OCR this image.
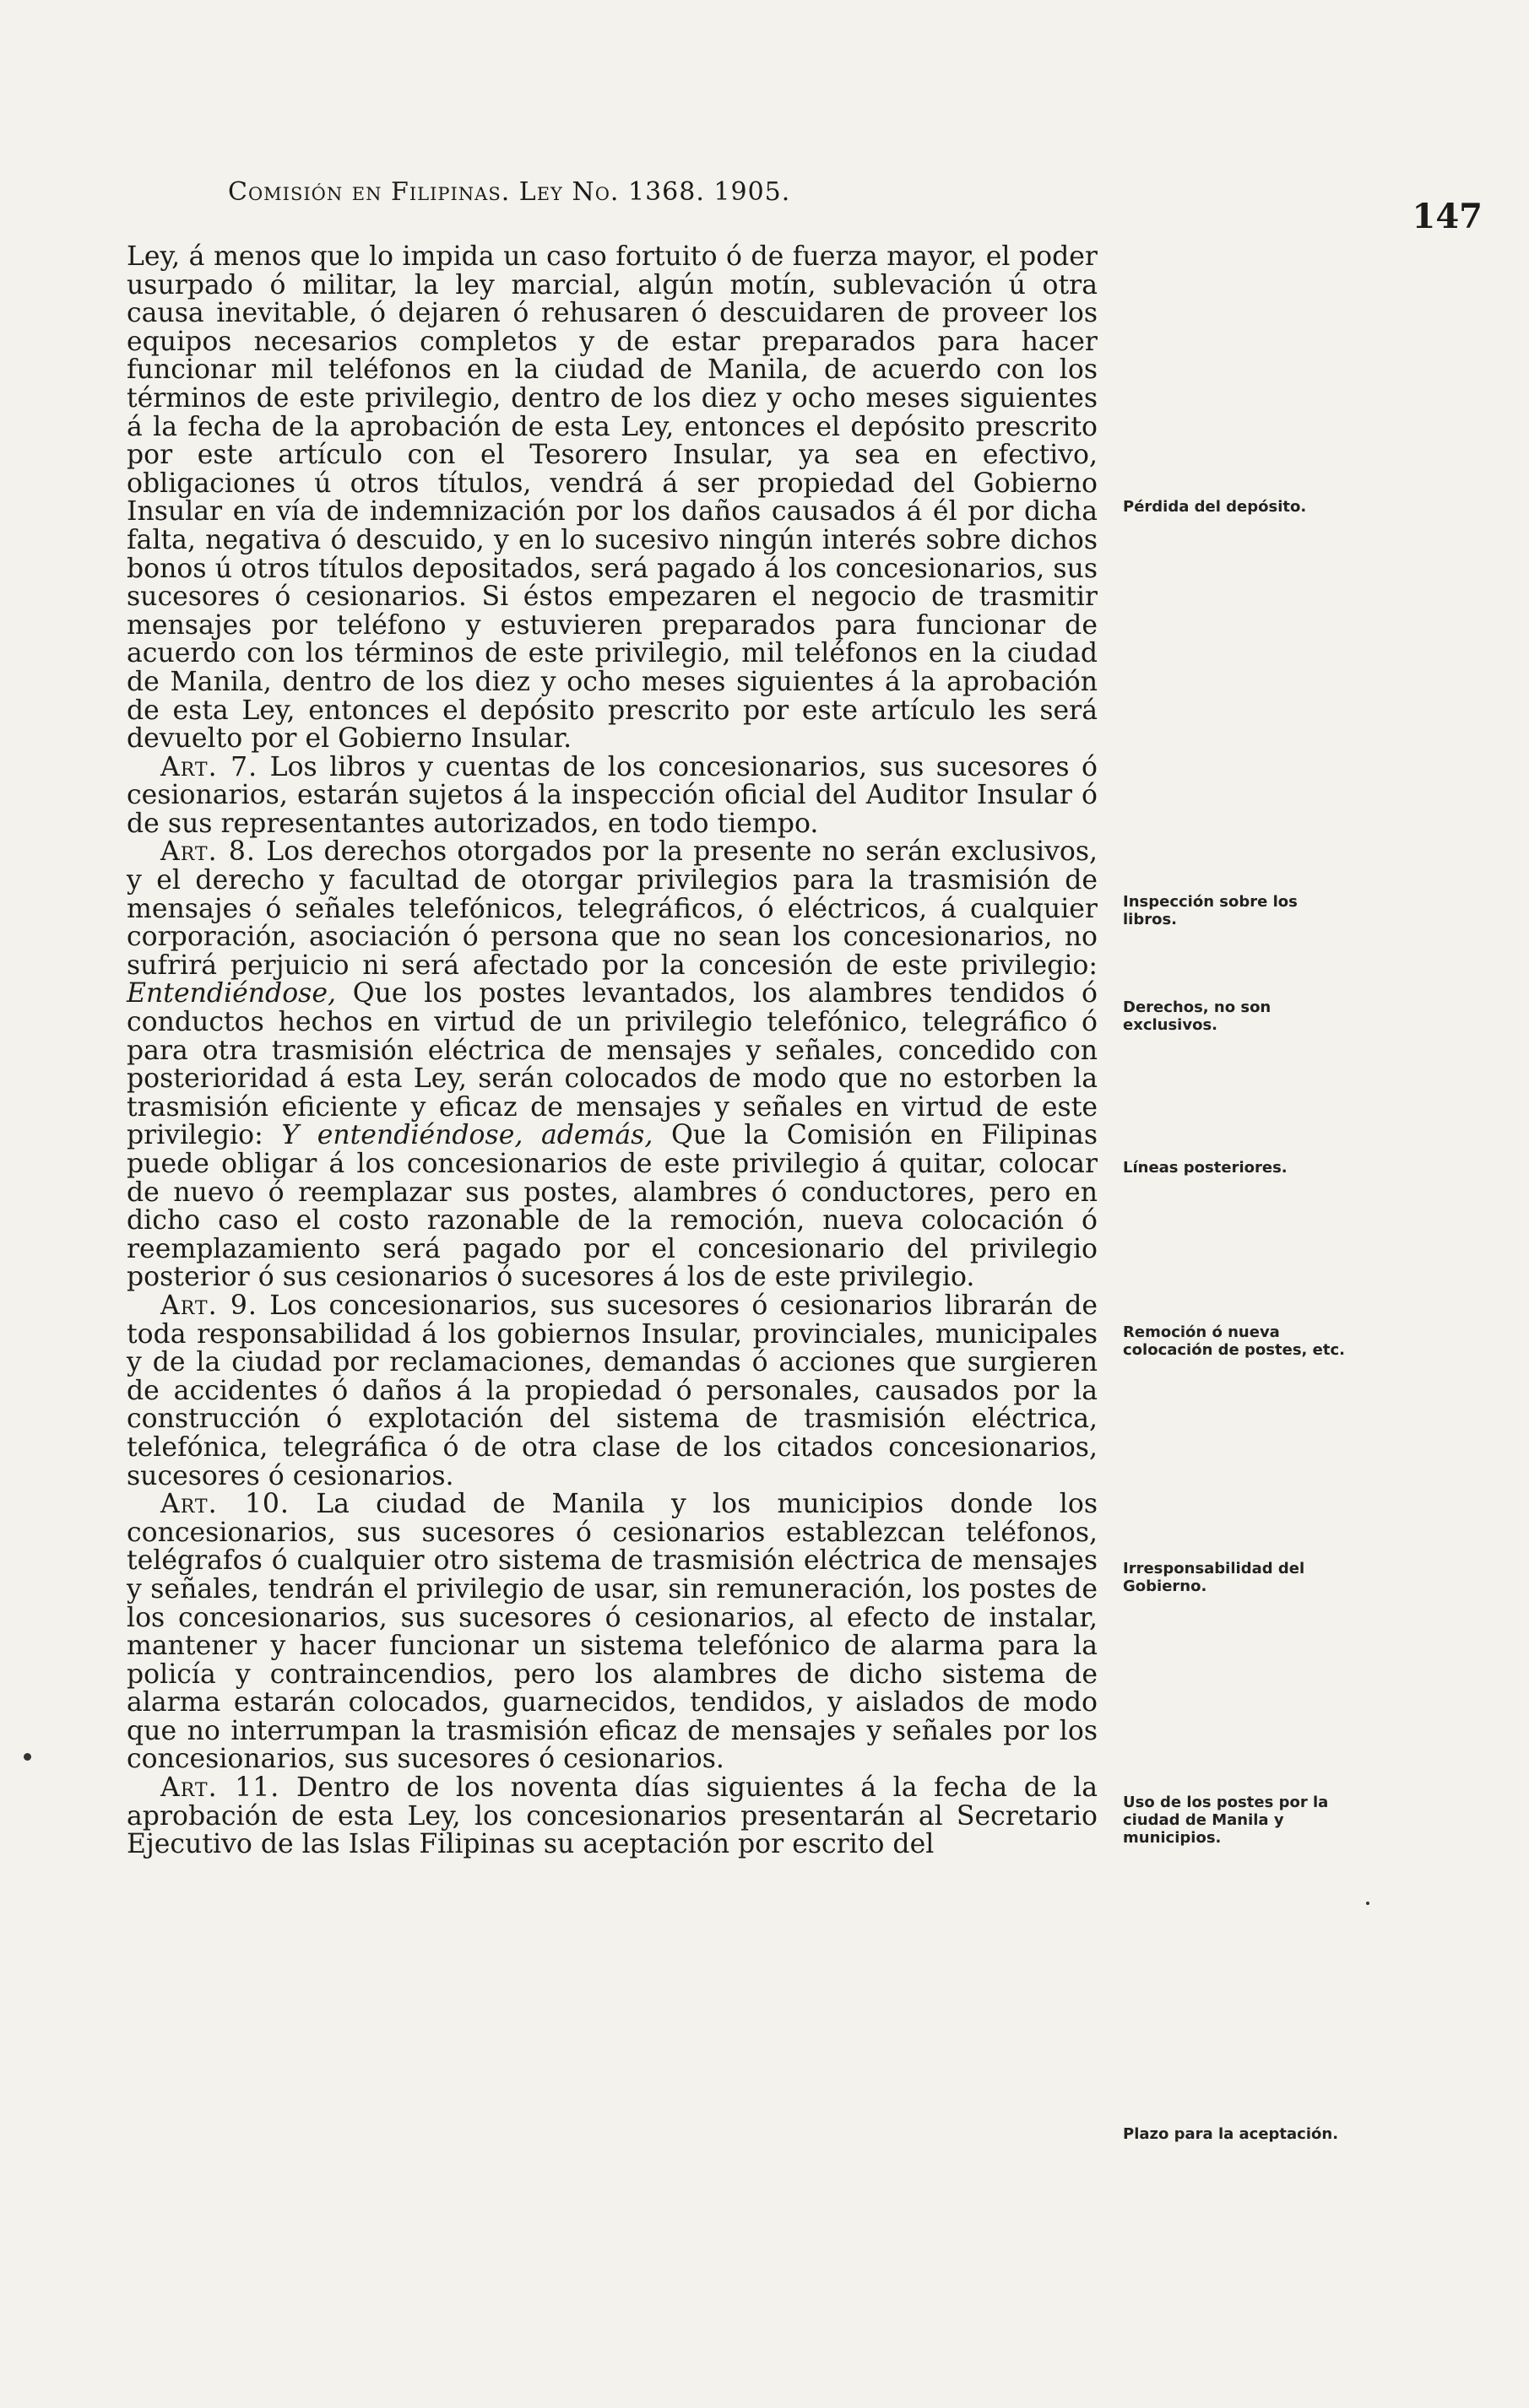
Comisión en Filipinas. Ley No. 1368. 1905.
147

Ley, á menos que lo impida un caso fortuito ó de fuerza mayor, el poder usurpado ó militar, la ley marcial, algún motín, sublevación ú otra causa inevitable, ó dejaren ó rehusaren ó descuidaren de proveer los equipos necesarios completos y de estar preparados para hacer funcionar mil teléfonos en la ciudad de Manila, de acuerdo con los términos de este privilegio, dentro de los diez y ocho meses siguientes á la fecha de la aprobación de esta Ley, entonces el depósito prescrito por este artículo con el Tesorero Insular, ya sea en efectivo, obligaciones ú otros títulos, vendrá á ser propiedad del Gobierno Insular en vía de indemnización por los daños causados á él por dicha falta, negativa ó descuido, y en lo sucesivo ningún interés sobre dichos bonos ú otros títulos depositados, será pagado á los concesionarios, sus sucesores ó cesionarios. Si éstos empezaren el negocio de trasmitir mensajes por teléfono y estuvieren preparados para funcionar de acuerdo con los términos de este privilegio, mil teléfonos en la ciudad de Manila, dentro de los diez y ocho meses siguientes á la aprobación de esta Ley, entonces el depósito prescrito por este artículo les será devuelto por el Gobierno Insular.

Art. 7. Los libros y cuentas de los concesionarios, sus sucesores ó cesionarios, estarán sujetos á la inspección oficial del Auditor Insular ó de sus representantes autorizados, en todo tiempo.

Art. 8. Los derechos otorgados por la presente no serán exclusivos, y el derecho y facultad de otorgar privilegios para la trasmisión de mensajes ó señales telefónicos, telegráficos, ó eléctricos, á cualquier corporación, asociación ó persona que no sean los concesionarios, no sufrirá perjuicio ni será afectado por la concesión de este privilegio: Entendiéndose, Que los postes levantados, los alambres tendidos ó conductos hechos en virtud de un privilegio telefónico, telegráfico ó para otra trasmisión eléctrica de mensajes y señales, concedido con posterioridad á esta Ley, serán colocados de modo que no estorben la trasmisión eficiente y eficaz de mensajes y señales en virtud de este privilegio: Y entendiéndose, además, Que la Comisión en Filipinas puede obligar á los concesionarios de este privilegio á quitar, colocar de nuevo ó reemplazar sus postes, alambres ó conductores, pero en dicho caso el costo razonable de la remoción, nueva colocación ó reemplazamiento será pagado por el concesionario del privilegio posterior ó sus cesionarios ó sucesores á los de este privilegio.

Art. 9. Los concesionarios, sus sucesores ó cesionarios librarán de toda responsabilidad á los gobiernos Insular, provinciales, municipales y de la ciudad por reclamaciones, demandas ó acciones que surgieren de accidentes ó daños á la propiedad ó personales, causados por la construcción ó explotación del sistema de trasmisión eléctrica, telefónica, telegráfica ó de otra clase de los citados concesionarios, sucesores ó cesionarios.

Art. 10. La ciudad de Manila y los municipios donde los concesionarios, sus sucesores ó cesionarios establezcan teléfonos, telégrafos ó cualquier otro sistema de trasmisión eléctrica de mensajes y señales, tendrán el privilegio de usar, sin remuneración, los postes de los concesionarios, sus sucesores ó cesionarios, al efecto de instalar, mantener y hacer funcionar un sistema telefónico de alarma para la policía y contraincendios, pero los alambres de dicho sistema de alarma estarán colocados, guarnecidos, tendidos, y aislados de modo que no interrumpan la trasmisión eficaz de mensajes y señales por los concesionarios, sus sucesores ó cesionarios.

Art. 11. Dentro de los noventa días siguientes á la fecha de la aprobación de esta Ley, los concesionarios presentarán al Secretario Ejecutivo de las Islas Filipinas su aceptación por escrito del

Pérdida del depósito.
Inspección sobre los libros.
Derechos, no son exclusivos.
Líneas posteriores.
Remoción ó nueva colocación de postes, etc.
Irresponsabilidad del Gobierno.
Uso de los postes por la ciudad de Manila y municipios.
Plazo para la aceptación.
